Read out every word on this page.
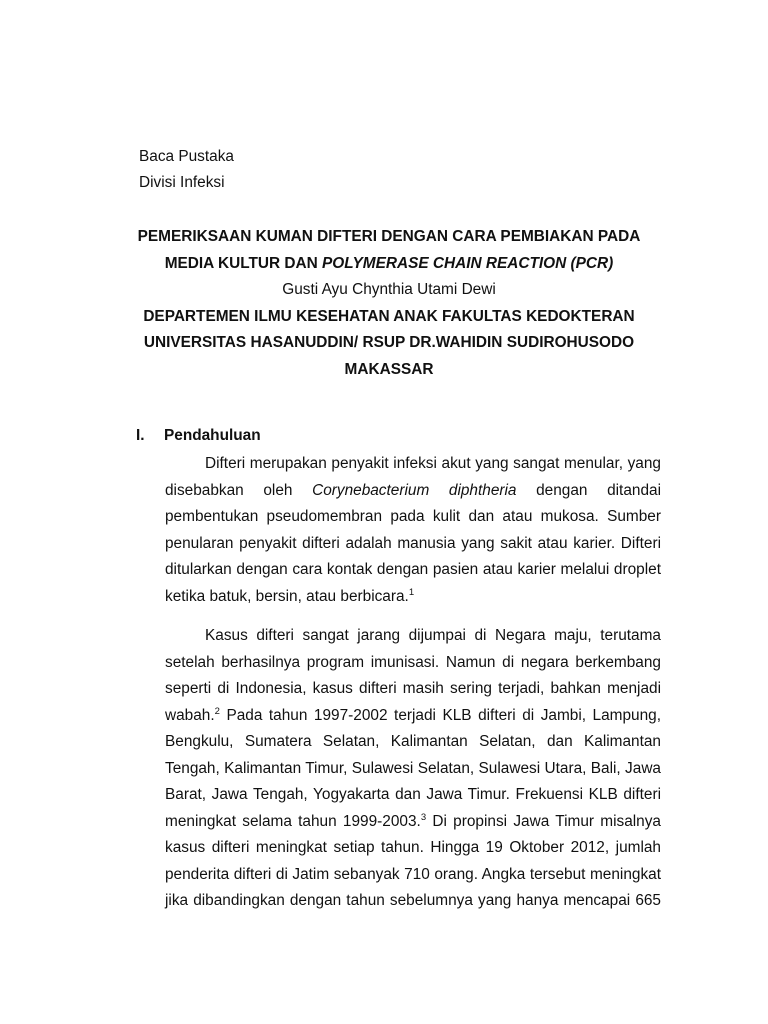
Baca Pustaka
Divisi Infeksi
PEMERIKSAAN KUMAN DIFTERI DENGAN CARA PEMBIAKAN PADA
MEDIA KULTUR DAN POLYMERASE CHAIN REACTION (PCR)
Gusti Ayu Chynthia Utami Dewi
DEPARTEMEN ILMU KESEHATAN ANAK FAKULTAS KEDOKTERAN
UNIVERSITAS HASANUDDIN/ RSUP DR.WAHIDIN SUDIROHUSODO
MAKASSAR
I. Pendahuluan
Difteri merupakan penyakit infeksi akut yang sangat menular, yang
disebabkan oleh Corynebacterium diphtheria dengan ditandai
pembentukan pseudomembran pada kulit dan atau mukosa. Sumber
penularan penyakit difteri adalah manusia yang sakit atau karier. Difteri
ditularkan dengan cara kontak dengan pasien atau karier melalui droplet
ketika batuk, bersin, atau berbicara.$^1$
Kasus difteri sangat jarang dijumpai di Negara maju, terutama
setelah berhasilnya program imunisasi. Namun di negara berkembang
seperti di Indonesia, kasus difteri masih sering terjadi, bahkan menjadi
wabah.$^2$ Pada tahun 1997-2002 terjadi KLB difteri di Jambi, Lampung,
Bengkulu, Sumatera Selatan, Kalimantan Selatan, dan Kalimantan
Tengah, Kalimantan Timur, Sulawesi Selatan, Sulawesi Utara, Bali, Jawa
Barat, Jawa Tengah, Yogyakarta dan Jawa Timur. Frekuensi KLB difteri
meningkat selama tahun 1999-2003.$^3$ Di propinsi Jawa Timur misalnya
kasus difteri meningkat setiap tahun. Hingga 19 Oktober 2012, jumlah
penderita difteri di Jatim sebanyak 710 orang. Angka tersebut meningkat
jika dibandingkan dengan tahun sebelumnya yang hanya mencapai 665
